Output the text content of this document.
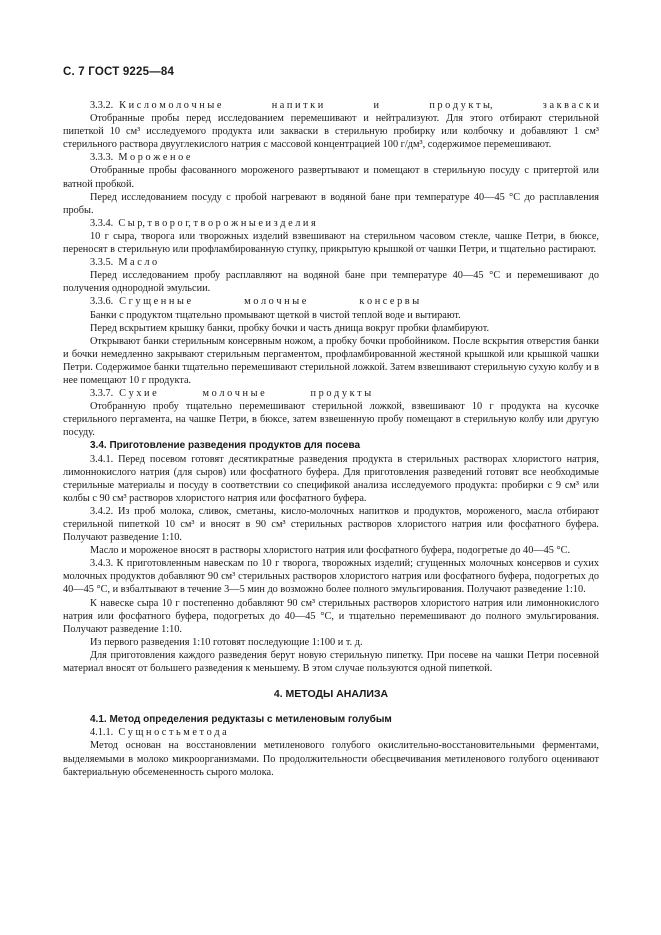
С. 7 ГОСТ 9225—84
3.3.2. К и с л о м о л о ч н ы е	н а п и т к и	и	п р о д у к т ы,	з а к в а с к и

Отобранные пробы перед исследованием перемешивают и нейтрализуют. Для этого отбирают стерильной пипеткой 10 см³ исследуемого продукта или закваски в стерильную пробирку или колбочку и добавляют 1 см³ стерильного раствора двууглекислого натрия с массовой концентрацией 100 г/дм³, содержимое перемешивают.

3.3.3. М о р о ж е н о е

Отобранные пробы фасованного мороженого развертывают и помещают в стерильную посуду с притертой или ватной пробкой.

Перед исследованием посуду с пробой нагревают в водяной бане при температуре 40—45 °С до расплавления пробы.

3.3.4. С ы р, т в о р о г, т в о р о ж н ы е и з д е л и я

10 г сыра, творога или творожных изделий взвешивают на стерильном часовом стекле, чашке Петри, в бюксе, переносят в стерильную или профламбированную ступку, прикрытую крышкой от чашки Петри, и тщательно растирают.

3.3.5. М а с л о

Перед исследованием пробу расплавляют на водяной бане при температуре 40—45 °С и перемешивают до получения однородной эмульсии.

3.3.6. С г у щ е н н ы е	м о л о ч н ы е	к о н с е р в ы

Банки с продуктом тщательно промывают щеткой в чистой теплой воде и вытирают.

Перед вскрытием крышку банки, пробку бочки и часть днища вокруг пробки фламбируют.

Открывают банки стерильным консервным ножом, а пробку бочки пробойником. После вскрытия отверстия банки и бочки немедленно закрывают стерильным пергаментом, профламбированной жестяной крышкой или крышкой чашки Петри. Содержимое банки тщательно перемешивают стерильной ложкой. Затем взвешивают стерильную сухую колбу и в нее помещают 10 г продукта.

3.3.7. С у х и е	м о л о ч н ы е	п р о д у к т ы

Отобранную пробу тщательно перемешивают стерильной ложкой, взвешивают 10 г продукта на кусочке стерильного пергамента, на чашке Петри, в бюксе, затем взвешенную пробу помещают в стерильную колбу или другую посуду.

3.4. Приготовление разведения продуктов для посева

3.4.1. Перед посевом готовят десятикратные разведения продукта в стерильных растворах хлористого натрия, лимоннокислого натрия (для сыров) или фосфатного буфера. Для приготовления разведений готовят все необходимые стерильные материалы и посуду в соответствии со спецификой анализа исследуемого продукта: пробирки с 9 см³ или колбы с 90 см³ растворов хлористого натрия или фосфатного буфера.

3.4.2. Из проб молока, сливок, сметаны, кисло-молочных напитков и продуктов, мороженого, масла отбирают стерильной пипеткой 10 см³ и вносят в 90 см³ стерильных растворов хлористого натрия или фосфатного буфера. Получают разведение 1:10.

Масло и мороженое вносят в растворы хлористого натрия или фосфатного буфера, подогретые до 40—45 °С.

3.4.3. К приготовленным навескам по 10 г творога, творожных изделий; сгущенных молочных консервов и сухих молочных продуктов добавляют 90 см³ стерильных растворов хлористого натрия или фосфатного буфера, подогретых до 40—45 °С, и взбалтывают в течение 3—5 мин до возможно более полного эмульгирования. Получают разведение 1:10.

К навеске сыра 10 г постепенно добавляют 90 см³ стерильных растворов хлористого натрия или лимоннокислого натрия или фосфатного буфера, подогретых до 40—45 °С, и тщательно перемешивают до полного эмульгирования. Получают разведение 1:10.

Из первого разведения 1:10 готовят последующие 1:100 и т. д.

Для приготовления каждого разведения берут новую стерильную пипетку. При посеве на чашки Петри посевной материал вносят от большего разведения к меньшему. В этом случае пользуются одной пипеткой.

4. МЕТОДЫ АНАЛИЗА

4.1. Метод определения редуктазы с метиленовым голубым

4.1.1. С у щ н о с т ь м е т о д а

Метод основан на восстановлении метиленового голубого окислительно-восстановительными ферментами, выделяемыми в молоко микроорганизмами. По продолжительности обесцвечивания метиленового голубого оценивают бактериальную обсемененность сырого молока.
